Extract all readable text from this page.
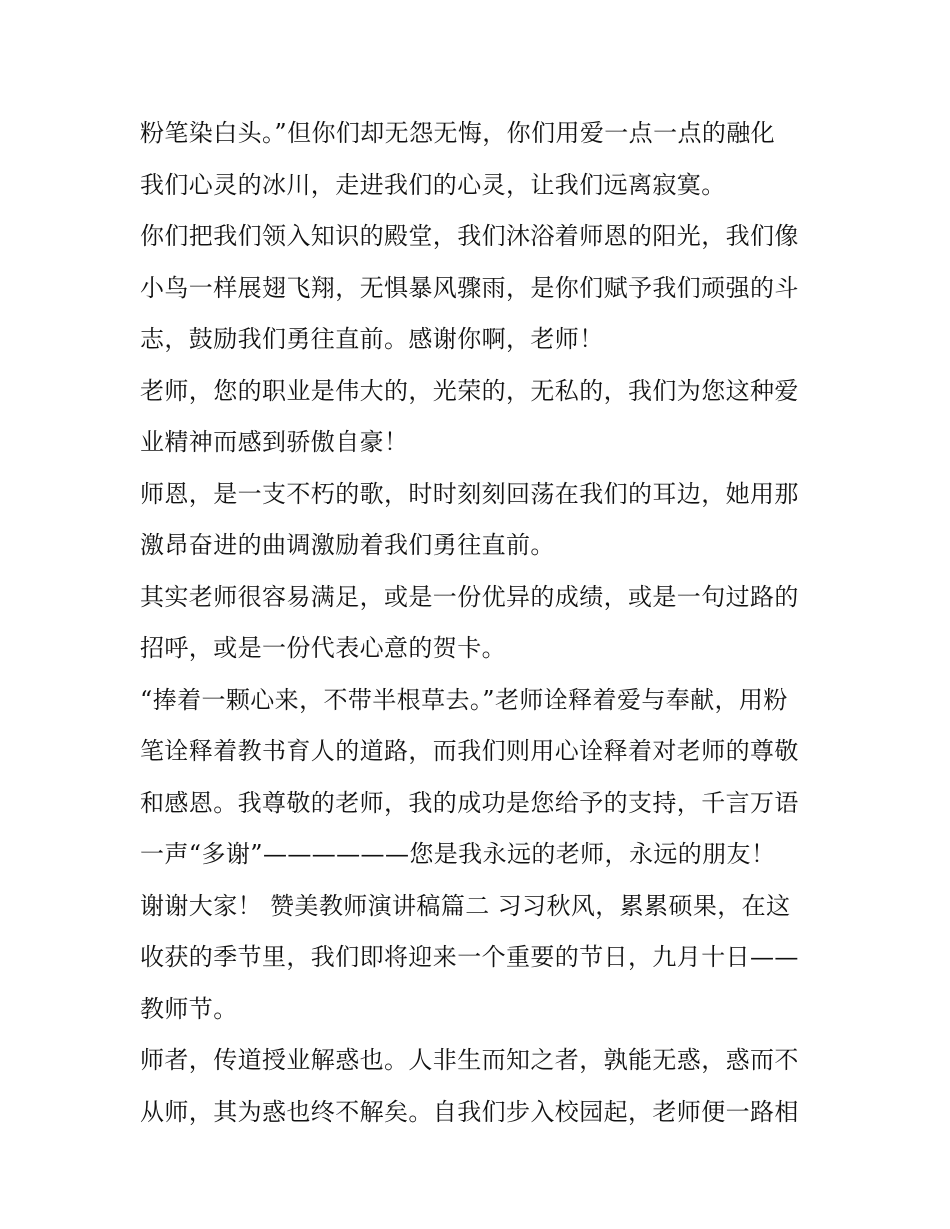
粉笔染白头。”但你们却无怨无悔，你们用爱一点一点的融化
我们心灵的冰川，走进我们的心灵，让我们远离寂寞。
你们把我们领入知识的殿堂，我们沐浴着师恩的阳光，我们像
小鸟一样展翅飞翔，无惧暴风骤雨，是你们赋予我们顽强的斗
志，鼓励我们勇往直前。感谢你啊，老师！
老师，您的职业是伟大的，光荣的，无私的，我们为您这种爱
业精神而感到骄傲自豪！
师恩，是一支不朽的歌，时时刻刻回荡在我们的耳边，她用那
激昂奋进的曲调激励着我们勇往直前。
其实老师很容易满足，或是一份优异的成绩，或是一句过路的
招呼，或是一份代表心意的贺卡。
“捧着一颗心来，不带半根草去。”老师诠释着爱与奉献，用粉
笔诠释着教书育人的道路，而我们则用心诠释着对老师的尊敬
和感恩。我尊敬的老师，我的成功是您给予的支持，千言万语
一声“多谢”——————您是我永远的老师，永远的朋友！
谢谢大家！ 赞美教师演讲稿篇二 习习秋风，累累硕果，在这
收获的季节里，我们即将迎来一个重要的节日，九月十日——
教师节。
师者，传道授业解惑也。人非生而知之者，孰能无惑，惑而不
从师，其为惑也终不解矣。自我们步入校园起，老师便一路相
